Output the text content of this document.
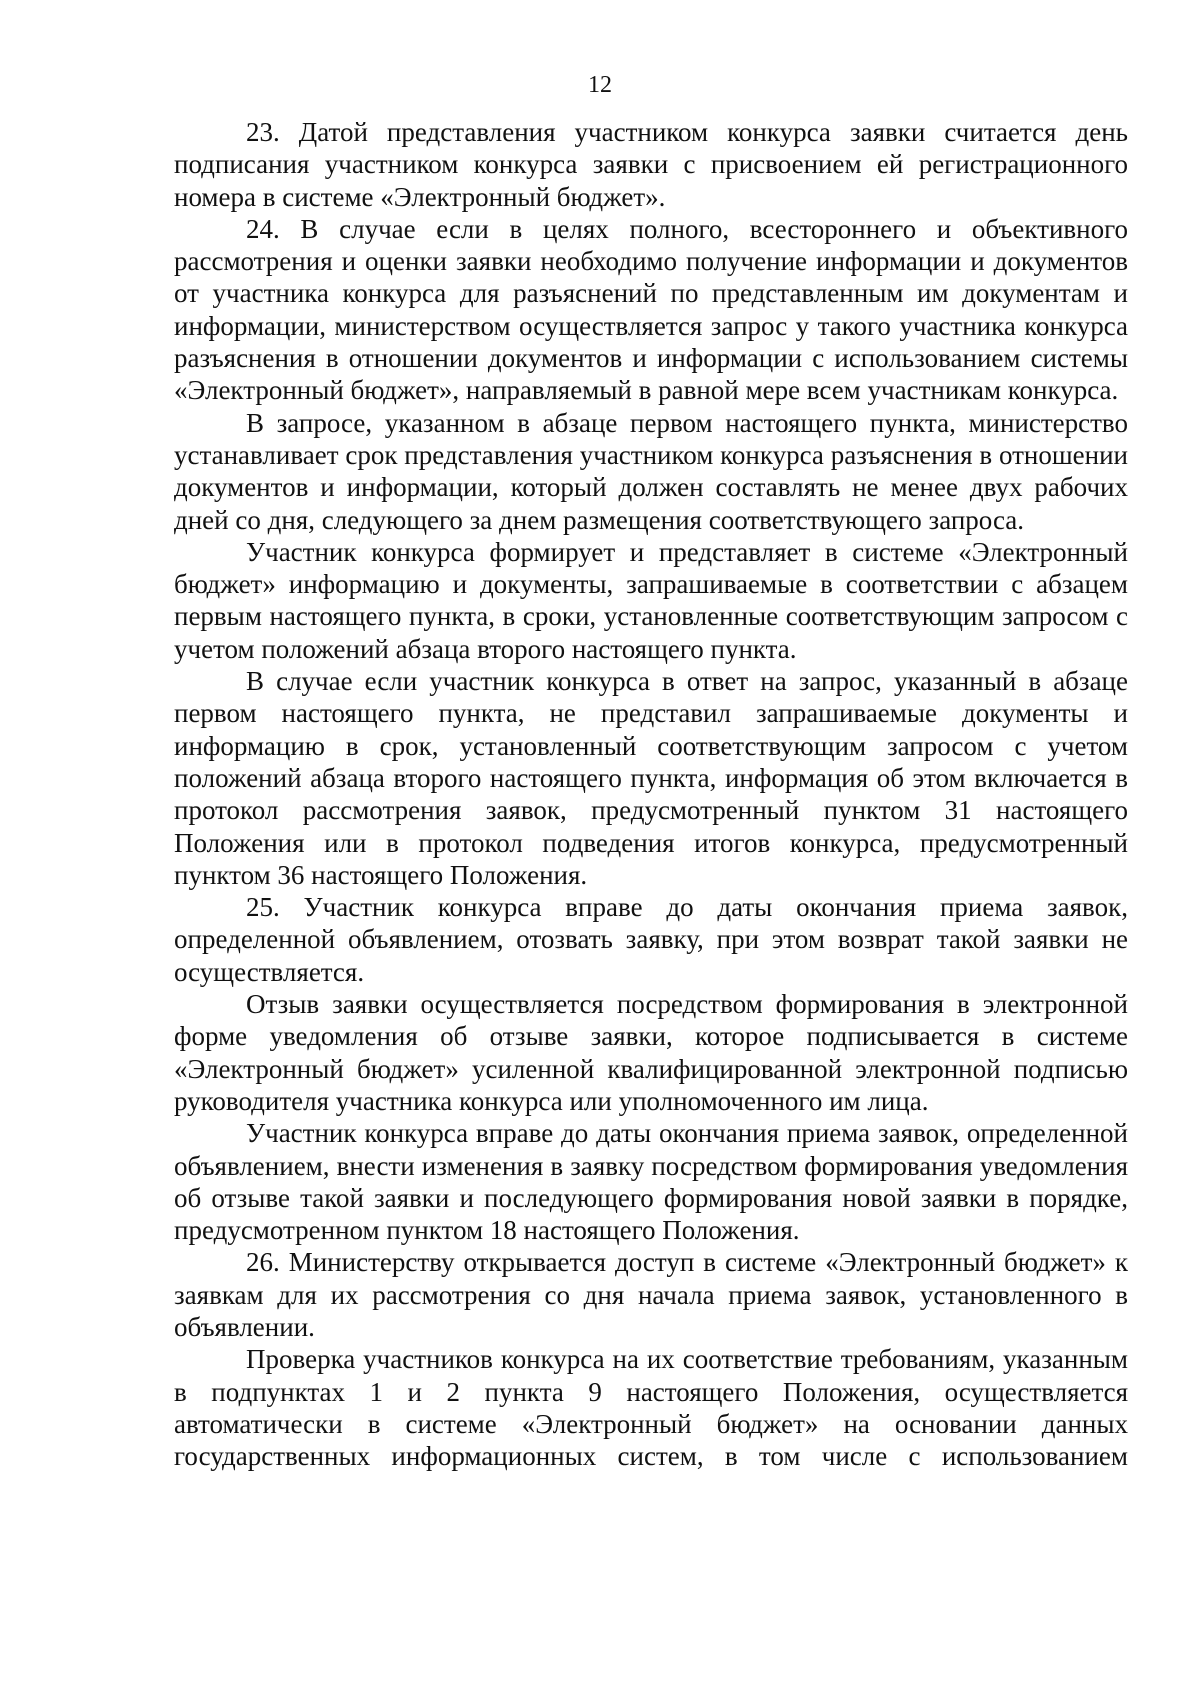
12

23. Датой представления участником конкурса заявки считается день подписания участником конкурса заявки с присвоением ей регистрационного номера в системе «Электронный бюджет».

24. В случае если в целях полного, всестороннего и объективного рассмотрения и оценки заявки необходимо получение информации и документов от участника конкурса для разъяснений по представленным им документам и информации, министерством осуществляется запрос у такого участника конкурса разъяснения в отношении документов и информации с использованием системы «Электронный бюджет», направляемый в равной мере всем участникам конкурса.

В запросе, указанном в абзаце первом настоящего пункта, министерство устанавливает срок представления участником конкурса разъяснения в отношении документов и информации, который должен составлять не менее двух рабочих дней со дня, следующего за днем размещения соответствующего запроса.

Участник конкурса формирует и представляет в системе «Электронный бюджет» информацию и документы, запрашиваемые в соответствии с абзацем первым настоящего пункта, в сроки, установленные соответствующим запросом с учетом положений абзаца второго настоящего пункта.

В случае если участник конкурса в ответ на запрос, указанный в абзаце первом настоящего пункта, не представил запрашиваемые документы и информацию в срок, установленный соответствующим запросом с учетом положений абзаца второго настоящего пункта, информация об этом включается в протокол рассмотрения заявок, предусмотренный пунктом 31 настоящего Положения или в протокол подведения итогов конкурса, предусмотренный пунктом 36 настоящего Положения.

25. Участник конкурса вправе до даты окончания приема заявок, определенной объявлением, отозвать заявку, при этом возврат такой заявки не осуществляется.

Отзыв заявки осуществляется посредством формирования в электронной форме уведомления об отзыве заявки, которое подписывается в системе «Электронный бюджет» усиленной квалифицированной электронной подписью руководителя участника конкурса или уполномоченного им лица.

Участник конкурса вправе до даты окончания приема заявок, определенной объявлением, внести изменения в заявку посредством формирования уведомления об отзыве такой заявки и последующего формирования новой заявки в порядке, предусмотренном пунктом 18 настоящего Положения.

26. Министерству открывается доступ в системе «Электронный бюджет» к заявкам для их рассмотрения со дня начала приема заявок, установленного в объявлении.

Проверка участников конкурса на их соответствие требованиям, указанным в подпунктах 1 и 2 пункта 9 настоящего Положения, осуществляется автоматически в системе «Электронный бюджет» на основании данных государственных информационных систем, в том числе с использованием
